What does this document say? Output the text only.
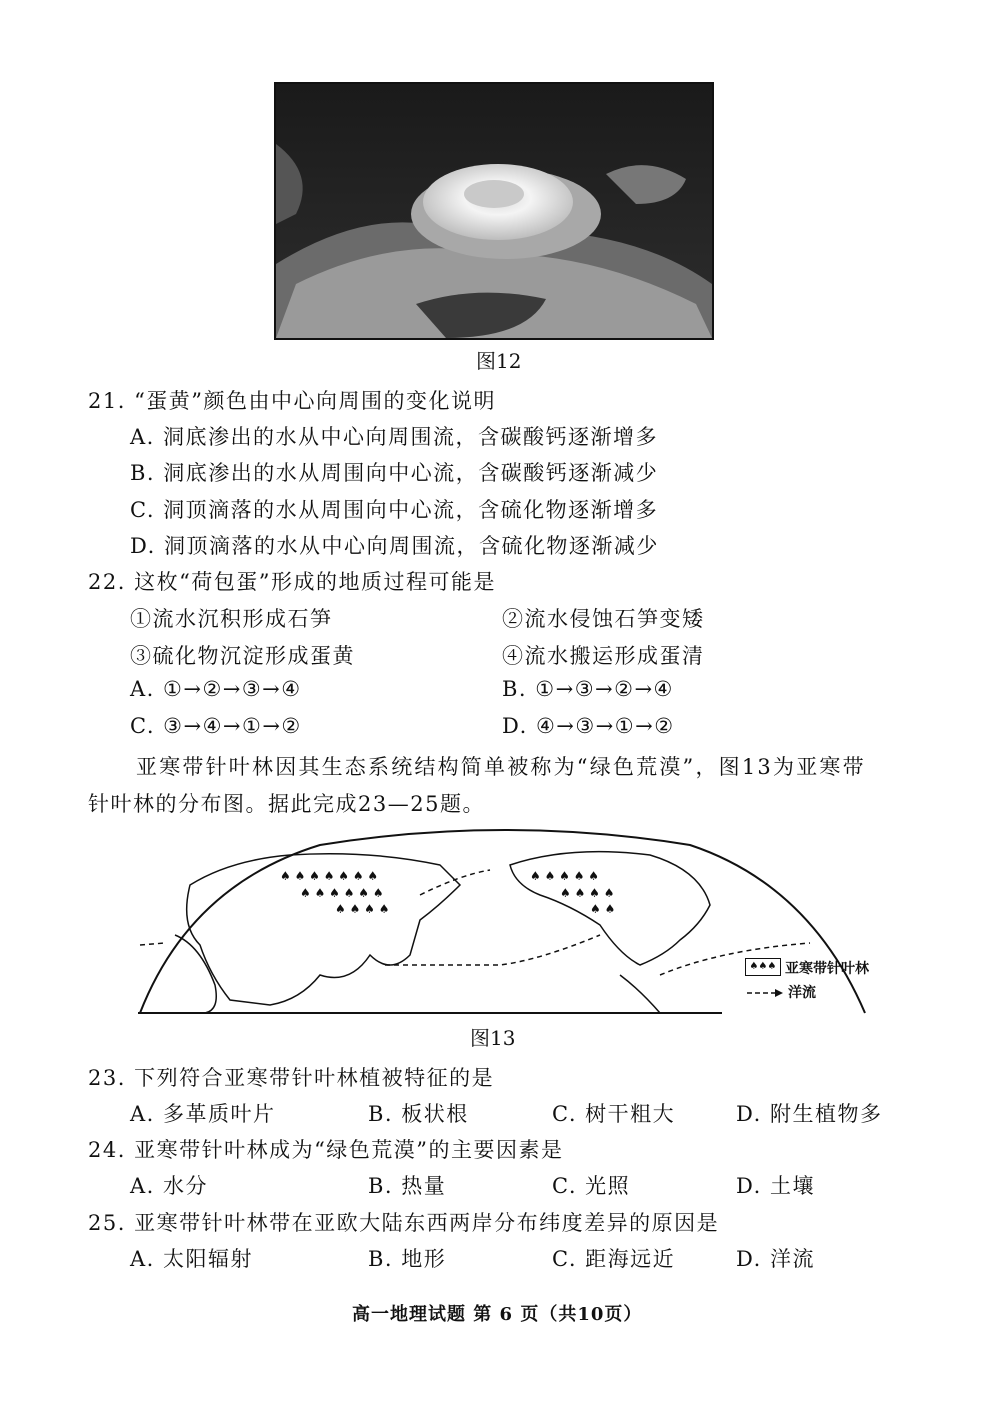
图12
21. “蛋黄”颜色由中心向周围的变化说明
A. 洞底渗出的水从中心向周围流，含碳酸钙逐渐增多
B. 洞底渗出的水从周围向中心流，含碳酸钙逐渐减少
C. 洞顶滴落的水从周围向中心流，含硫化物逐渐增多
D. 洞顶滴落的水从中心向周围流，含硫化物逐渐减少
22. 这枚“荷包蛋”形成的地质过程可能是
①流水沉积形成石笋	②流水侵蚀石笋变矮
③硫化物沉淀形成蛋黄	④流水搬运形成蛋清
A. ①→②→③→④	B. ①→③→②→④
C. ③→④→①→②	D. ④→③→①→②
亚寒带针叶林因其生态系统结构简单被称为“绿色荒漠”，图13为亚寒带
针叶林的分布图。据此完成23—25题。
♠ ♠ ♠ ♠ ♠ ♠ ♠
♠ ♠ ♠ ♠ ♠ ♠
♠ ♠ ♠ ♠
♠ ♠ ♠ ♠ ♠
♠ ♠ ♠ ♠
♠ ♠
♠♠♠ 亚寒带针叶林
洋流
图13
23. 下列符合亚寒带针叶林植被特征的是
A. 多革质叶片	B. 板状根	C. 树干粗大	D. 附生植物多
24. 亚寒带针叶林成为“绿色荒漠”的主要因素是
A. 水分	B. 热量	C. 光照	D. 土壤
25. 亚寒带针叶林带在亚欧大陆东西两岸分布纬度差异的原因是
A. 太阳辐射	B. 地形	C. 距海远近	D. 洋流
高一地理试题 第 6 页（共10页）
